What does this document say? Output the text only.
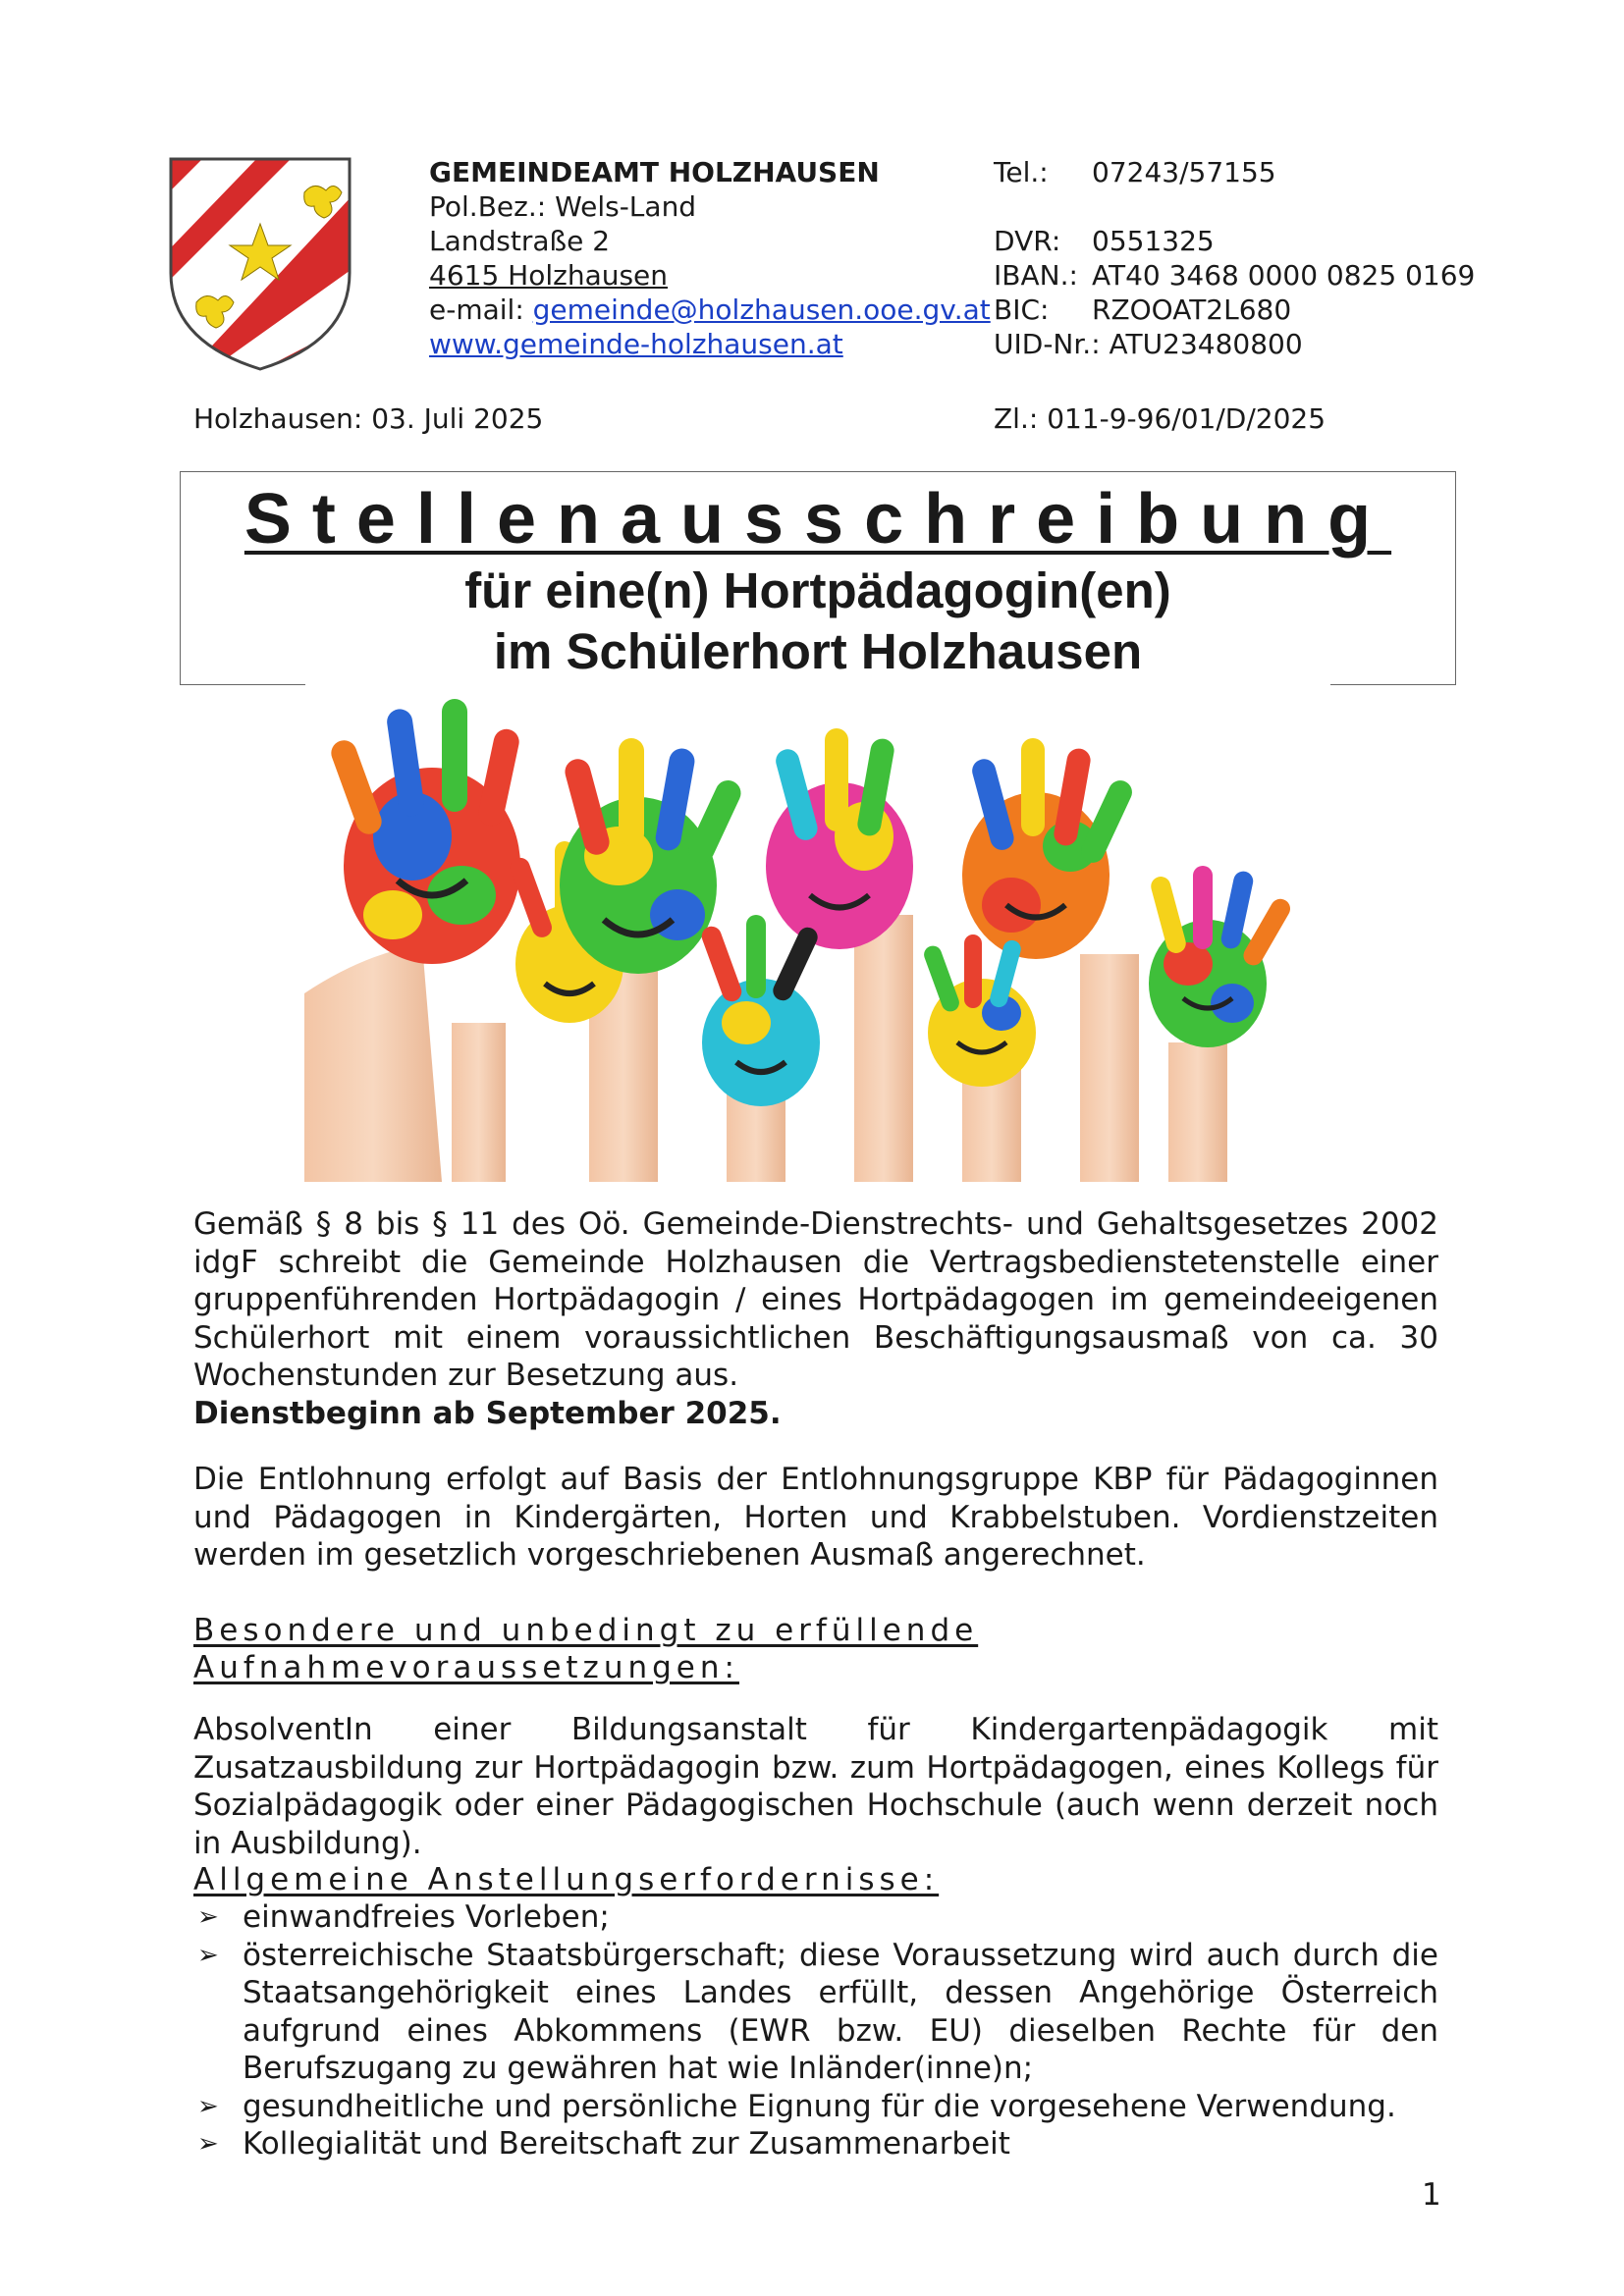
GEMEINDEAMT HOLZHAUSEN
Pol.Bez.: Wels-Land
Landstraße 2
4615 Holzhausen
e-mail: gemeinde@holzhausen.ooe.gv.at
www.gemeinde-holzhausen.at
Tel.: 07243/57155

DVR: 0551325
IBAN.: AT40 3468 0000 0825 0169
BIC: RZOOAT2L680
UID-Nr.: ATU23480800
Holzhausen: 03. Juli 2025	Zl.: 011-9-96/01/D/2025
Stellenausschreibung
für eine(n) Hortpädagogin(en)
im Schülerhort Holzhausen

Gemäß § 8 bis § 11 des Oö. Gemeinde-Dienstrechts- und Gehaltsgesetzes 2002 idgF schreibt die Gemeinde Holzhausen die Vertragsbedienstetenstelle einer gruppenführenden Hortpädagogin / eines Hortpädagogen im gemeindeeigenen Schülerhort mit einem voraussichtlichen Beschäftigungsausmaß von ca. 30 Wochenstunden zur Besetzung aus.

Dienstbeginn ab September 2025.

Die Entlohnung erfolgt auf Basis der Entlohnungsgruppe KBP für Pädagoginnen und Pädagogen in Kindergärten, Horten und Krabbelstuben. Vordienstzeiten werden im gesetzlich vorgeschriebenen Ausmaß angerechnet.

Besondere und unbedingt zu erfüllende

Aufnahmevoraussetzungen:

AbsolventIn einer Bildungsanstalt für Kindergartenpädagogik mit Zusatzausbildung zur Hortpädagogin bzw. zum Hortpädagogen, eines Kollegs für Sozialpädagogik oder einer Pädagogischen Hochschule (auch wenn derzeit noch in Ausbildung).

Allgemeine Anstellungserfordernisse:

➢ einwandfreies Vorleben;
➢ österreichische Staatsbürgerschaft; diese Voraussetzung wird auch durch die Staatsangehörigkeit eines Landes erfüllt, dessen Angehörige Österreich aufgrund eines Abkommens (EWR bzw. EU) dieselben Rechte für den Berufszugang zu gewähren hat wie Inländer(inne)n;
➢ gesundheitliche und persönliche Eignung für die vorgesehene Verwendung.
➢ Kollegialität und Bereitschaft zur Zusammenarbeit
1
